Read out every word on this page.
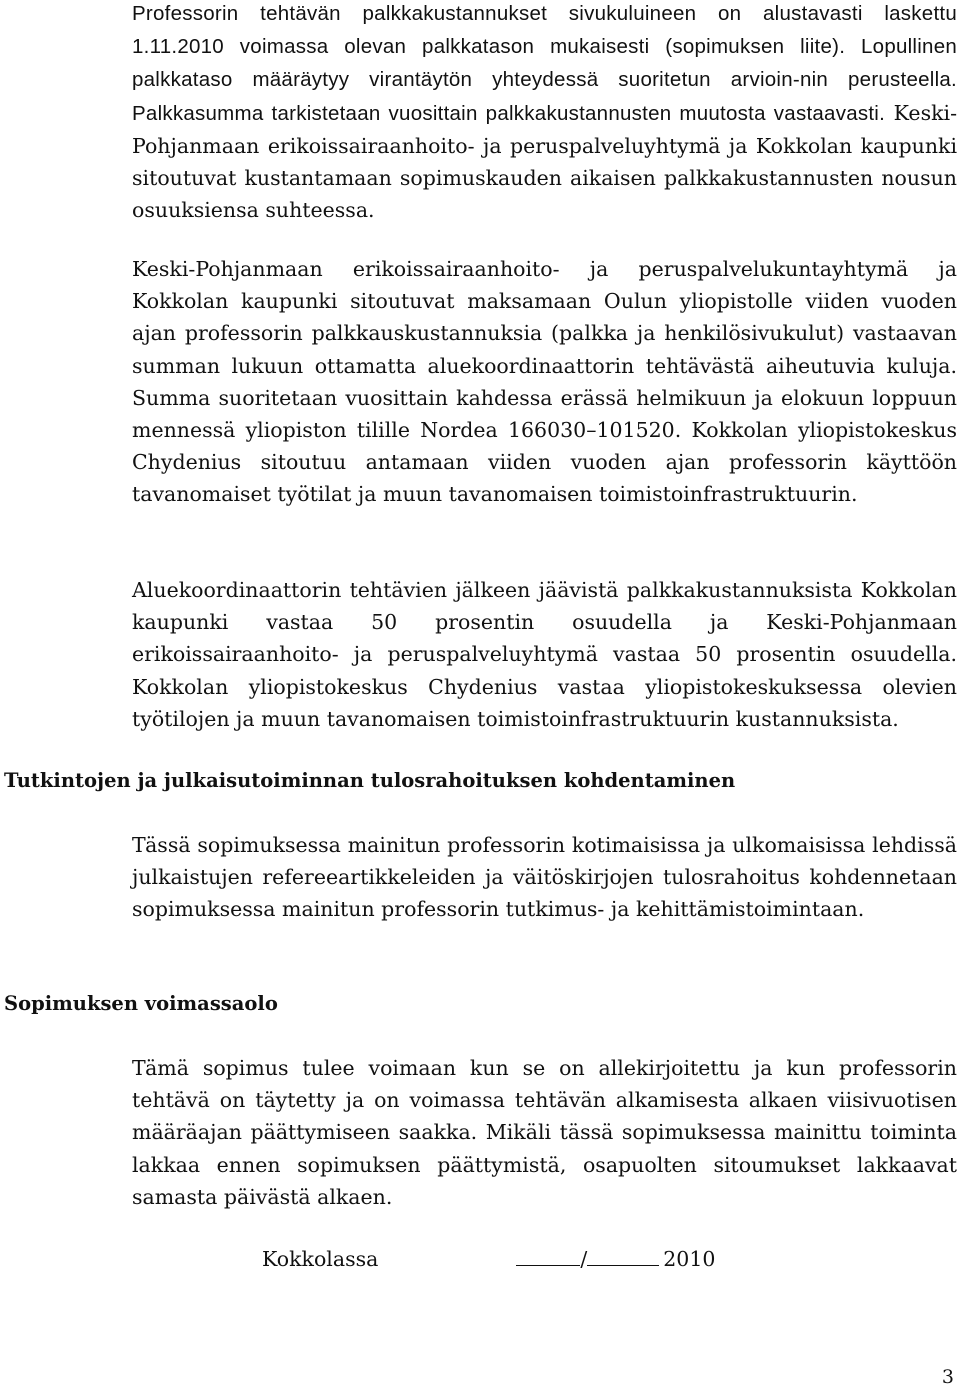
Professorin tehtävän palkkakustannukset sivukuluineen on alustavasti laskettu 1.11.2010 voimassa olevan palkkatason mukaisesti (sopimuksen liite). Lopullinen palkkataso määräytyy virantäytön yhteydessä suoritetun arvioin-nin perusteella. Palkkasumma tarkistetaan vuosittain palkkakustannusten muutosta vastaavasti. Keski-Pohjanmaan erikoissairaanhoito- ja peruspalveluyhtymä ja Kokkolan kaupunki sitoutuvat kustantamaan sopimuskauden aikaisen palkkakustannusten nousun osuuksiensa suhteessa.

Keski-Pohjanmaan erikoissairaanhoito- ja peruspalvelukuntayhtymä ja Kokkolan kaupunki sitoutuvat maksamaan Oulun yliopistolle viiden vuoden ajan professorin palkkauskustannuksia (palkka ja henkilösivukulut) vastaavan summan lukuun ottamatta aluekoordinaattorin tehtävästä aiheutuvia kuluja. Summa suoritetaan vuosittain kahdessa erässä helmikuun ja elokuun loppuun mennessä yliopiston tilille Nordea 166030–101520. Kokkolan yliopistokeskus Chydenius sitoutuu antamaan viiden vuoden ajan professorin käyttöön tavanomaiset työtilat ja muun tavanomaisen toimistoinfrastruktuurin.

Aluekoordinaattorin tehtävien jälkeen jäävistä palkkakustannuksista Kokkolan kaupunki vastaa 50 prosentin osuudella ja Keski-Pohjanmaan erikoissairaanhoito- ja peruspalveluyhtymä vastaa 50 prosentin osuudella. Kokkolan yliopistokeskus Chydenius vastaa yliopistokeskuksessa olevien työtilojen ja muun tavanomaisen toimistoinfrastruktuurin kustannuksista.

Tutkintojen ja julkaisutoiminnan tulosrahoituksen kohdentaminen

Tässä sopimuksessa mainitun professorin kotimaisissa ja ulkomaisissa lehdissä julkaistujen refereeartikkeleiden ja väitöskirjojen tulosrahoitus kohdennetaan sopimuksessa mainitun professorin tutkimus- ja kehittämistoimintaan.

Sopimuksen voimassaolo

Tämä sopimus tulee voimaan kun se on allekirjoitettu ja kun professorin tehtävä on täytetty ja on voimassa tehtävän alkamisesta alkaen viisivuotisen määräajan päättymiseen saakka. Mikäli tässä sopimuksessa mainittu toiminta lakkaa ennen sopimuksen päättymistä, osapuolten sitoumukset lakkaavat samasta päivästä alkaen.

Kokkolassa	/	2010
3
